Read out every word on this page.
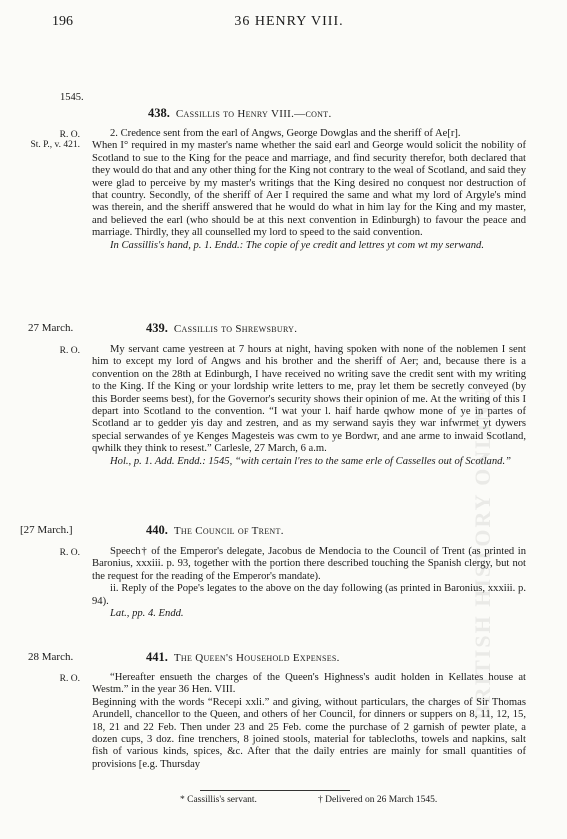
BRITISH HISTORY ONLINE
196	36 HENRY VIII.
1545.
438. Cassillis to Henry VIII.—cont.
R. O.
St. P., v. 421.

2. Credence sent from the earl of Angws, George Dowglas and the sheriff of Ae[r].

When I° required in my master's name whether the said earl and George would solicit the nobility of Scotland to sue to the King for the peace and marriage, and find security therefor, both declared that they would do that and any other thing for the King not contrary to the weal of Scotland, and said they were glad to perceive by my master's writings that the King desired no conquest nor destruction of that country. Secondly, of the sheriff of Aer I required the same and what my lord of Argyle's mind was therein, and the sheriff answered that he would do what in him lay for the King and my master, and believed the earl (who should be at this next convention in Edinburgh) to favour the peace and marriage. Thirdly, they all counselled my lord to speed to the said convention.

In Cassillis's hand, p. 1. Endd.: The copie of ye credit and lettres yt com wt my serwand.

27 March.	439. Cassillis to Shrewsbury.
R. O.	My servant came yestreen at 7 hours at night, having spoken with none of the noblemen I sent him to except my lord of Angws and his brother and the sheriff of Aer; and, because there is a convention on the 28th at Edinburgh, I have received no writing save the credit sent with my writing to the King. If the King or your lordship write letters to me, pray let them be secretly conveyed (by this Border seems best), for the Governor's security shows their opinion of me. At the writing of this I depart into Scotland to the convention. “I wat your l. haif harde qwhow mone of ye in partes of Scotland ar to gedder yis day and zestren, and as my serwand sayis they war infwrmet yt dywers special serwandes of ye Kenges Magesteis was cwm to ye Bordwr, and ane arme to inwaid Scotland, qwhilk they think to resest.” Carlesle, 27 March, 6 a.m.

Hol., p. 1. Add. Endd.: 1545, “with certain l'res to the same erle of Casselles out of Scotland.”

[27 March.]	440. The Council of Trent.
R. O.	Speech† of the Emperor's delegate, Jacobus de Mendocia to the Council of Trent (as printed in Baronius, xxxiii. p. 93, together with the portion there described touching the Spanish clergy, but not the request for the reading of the Emperor's mandate).

ii. Reply of the Pope's legates to the above on the day following (as printed in Baronius, xxxiii. p. 94).

Lat., pp. 4. Endd.

28 March.	441. The Queen's Household Expenses.
R. O.	“Hereafter ensueth the charges of the Queen's Highness's audit holden in Kellates house at Westm.” in the year 36 Hen. VIII.

Beginning with the words “Recepi xxli.” and giving, without particulars, the charges of Sir Thomas Arundell, chancellor to the Queen, and others of her Council, for dinners or suppers on 8, 11, 12, 15, 18, 21 and 22 Feb. Then under 23 and 25 Feb. come the purchase of 2 garnish of pewter plate, a dozen cups, 3 doz. fine trenchers, 8 joined stools, material for tablecloths, towels and napkins, salt fish of various kinds, spices, &c. After that the daily entries are mainly for small quantities of provisions [e.g. Thursday

* Cassillis's servant.	† Delivered on 26 March 1545.
